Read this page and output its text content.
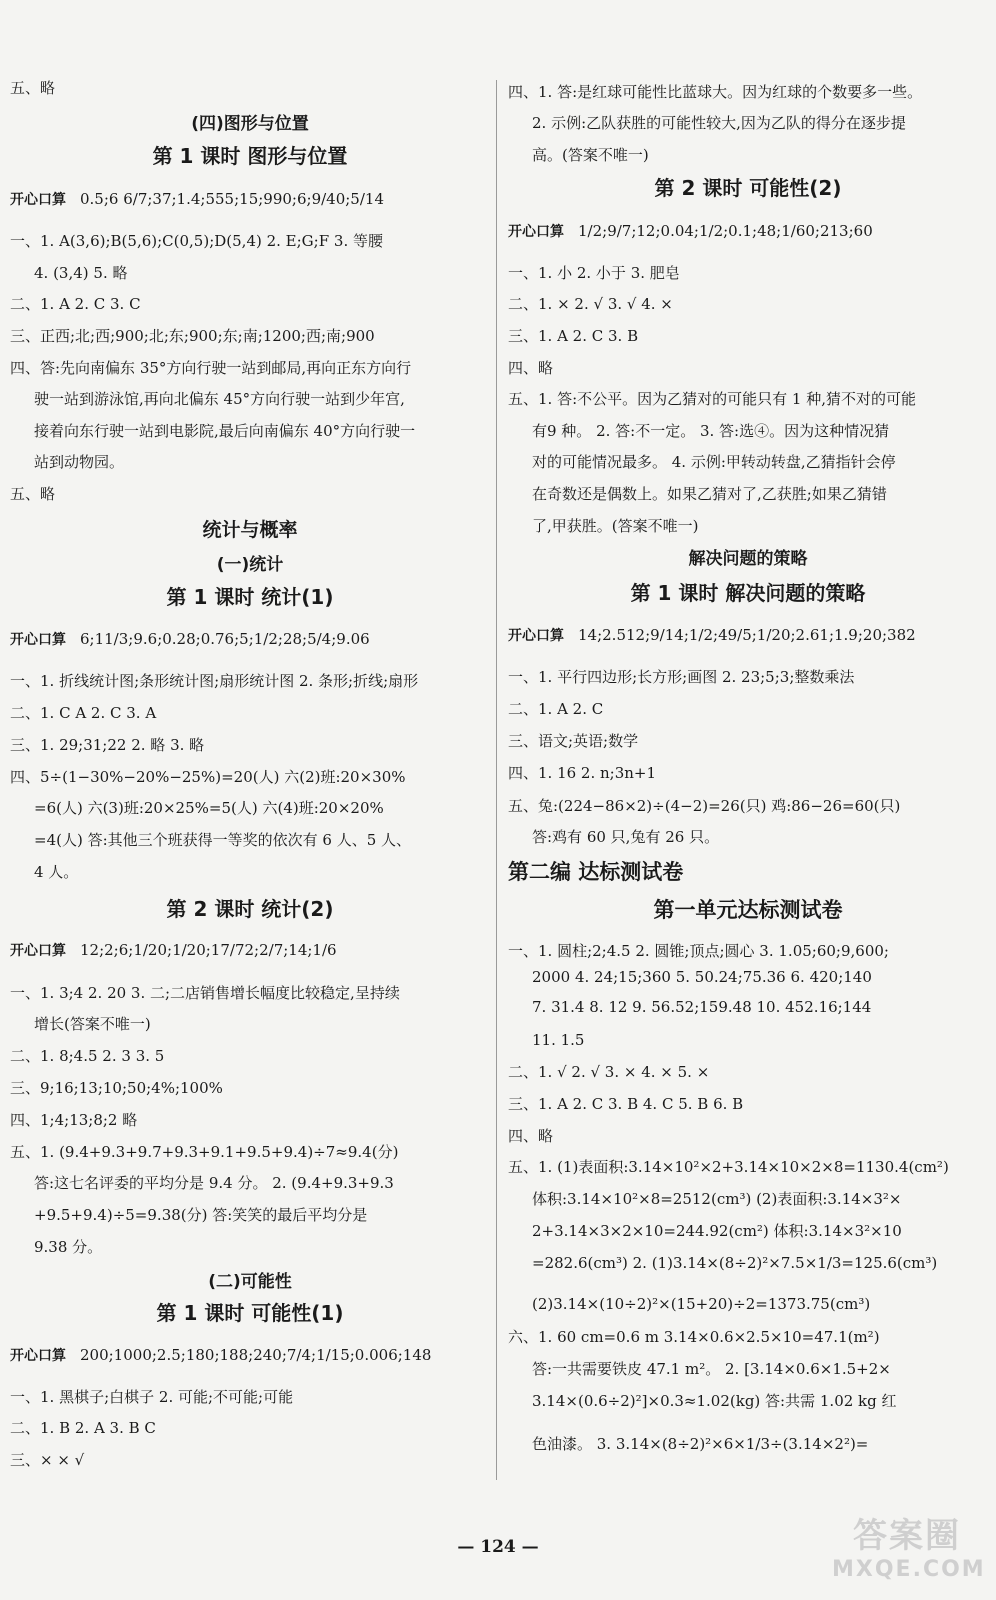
五、略
(四)图形与位置
第 1 课时 图形与位置
开心口算 0.5;6 6/7;37;1.4;555;15;990;6;9/40;5/14
一、1. A(3,6);B(5,6);C(0,5);D(5,4) 2. E;G;F 3. 等腰
4. (3,4) 5. 略
二、1. A 2. C 3. C
三、正西;北;西;900;北;东;900;东;南;1200;西;南;900
四、答:先向南偏东 35°方向行驶一站到邮局,再向正东方向行
驶一站到游泳馆,再向北偏东 45°方向行驶一站到少年宫,
接着向东行驶一站到电影院,最后向南偏东 40°方向行驶一
站到动物园。
五、略
统计与概率
(一)统计
第 1 课时 统计(1)
开心口算 6;11/3;9.6;0.28;0.76;5;1/2;28;5/4;9.06
一、1. 折线统计图;条形统计图;扇形统计图 2. 条形;折线;扇形
二、1. C A 2. C 3. A
三、1. 29;31;22 2. 略 3. 略
四、5÷(1−30%−20%−25%)=20(人) 六(2)班:20×30%
=6(人) 六(3)班:20×25%=5(人) 六(4)班:20×20%
=4(人) 答:其他三个班获得一等奖的依次有 6 人、5 人、
4 人。
第 2 课时 统计(2)
开心口算 12;2;6;1/20;1/20;17/72;2/7;14;1/6
一、1. 3;4 2. 20 3. 二;二店销售增长幅度比较稳定,呈持续
增长(答案不唯一)
二、1. 8;4.5 2. 3 3. 5
三、9;16;13;10;50;4%;100%
四、1;4;13;8;2 略
五、1. (9.4+9.3+9.7+9.3+9.1+9.5+9.4)÷7≈9.4(分)
答:这七名评委的平均分是 9.4 分。 2. (9.4+9.3+9.3
+9.5+9.4)÷5=9.38(分) 答:笑笑的最后平均分是
9.38 分。
(二)可能性
第 1 课时 可能性(1)
开心口算 200;1000;2.5;180;188;240;7/4;1/15;0.006;148
一、1. 黑棋子;白棋子 2. 可能;不可能;可能
二、1. B 2. A 3. B C
三、× × √
四、1. 答:是红球可能性比蓝球大。因为红球的个数要多一些。
2. 示例:乙队获胜的可能性较大,因为乙队的得分在逐步提
高。(答案不唯一)
第 2 课时 可能性(2)
开心口算 1/2;9/7;12;0.04;1/2;0.1;48;1/60;213;60
一、1. 小 2. 小于 3. 肥皂
二、1. × 2. √ 3. √ 4. ×
三、1. A 2. C 3. B
四、略
五、1. 答:不公平。因为乙猜对的可能只有 1 种,猜不对的可能
有9 种。 2. 答:不一定。 3. 答:选④。因为这种情况猜
对的可能情况最多。 4. 示例:甲转动转盘,乙猜指针会停
在奇数还是偶数上。如果乙猜对了,乙获胜;如果乙猜错
了,甲获胜。(答案不唯一)
解决问题的策略
第 1 课时 解决问题的策略
开心口算 14;2.512;9/14;1/2;49/5;1/20;2.61;1.9;20;382
一、1. 平行四边形;长方形;画图 2. 23;5;3;整数乘法
二、1. A 2. C
三、语文;英语;数学
四、1. 16 2. n;3n+1
五、兔:(224−86×2)÷(4−2)=26(只) 鸡:86−26=60(只)
答:鸡有 60 只,兔有 26 只。
第二编 达标测试卷
第一单元达标测试卷
一、1. 圆柱;2;4.5 2. 圆锥;顶点;圆心 3. 1.05;60;9,600;
2000 4. 24;15;360 5. 50.24;75.36 6. 420;140
7. 31.4 8. 12 9. 56.52;159.48 10. 452.16;144
11. 1.5
二、1. √ 2. √ 3. × 4. × 5. ×
三、1. A 2. C 3. B 4. C 5. B 6. B
四、略
五、1. (1)表面积:3.14×10²×2+3.14×10×2×8=1130.4(cm²)
体积:3.14×10²×8=2512(cm³) (2)表面积:3.14×3²×
2+3.14×3×2×10=244.92(cm²) 体积:3.14×3²×10
=282.6(cm³) 2. (1)3.14×(8÷2)²×7.5×1/3=125.6(cm³)
(2)3.14×(10÷2)²×(15+20)÷2=1373.75(cm³)
六、1. 60 cm=0.6 m 3.14×0.6×2.5×10=47.1(m²)
答:一共需要铁皮 47.1 m²。 2. [3.14×0.6×1.5+2×
3.14×(0.6÷2)²]×0.3≈1.02(kg) 答:共需 1.02 kg 红
色油漆。 3. 3.14×(8÷2)²×6×1/3÷(3.14×2²)=
— 124 —	答案圈
MXQE.COM
